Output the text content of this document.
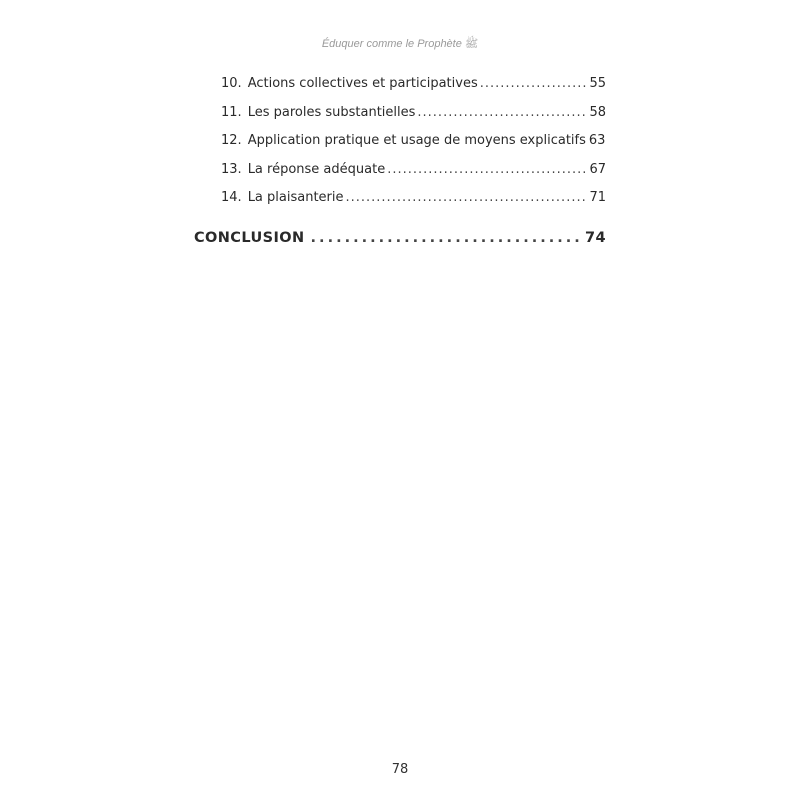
Éduquer comme le Prophète ﷺ
10. Actions collectives et participatives .....	55
11. Les paroles substantielles .....	58
12. Application pratique et usage de moyens explicatifs 63
13. La réponse adéquate .....	67
14. La plaisanterie .....	71
CONCLUSION .....	74
78
